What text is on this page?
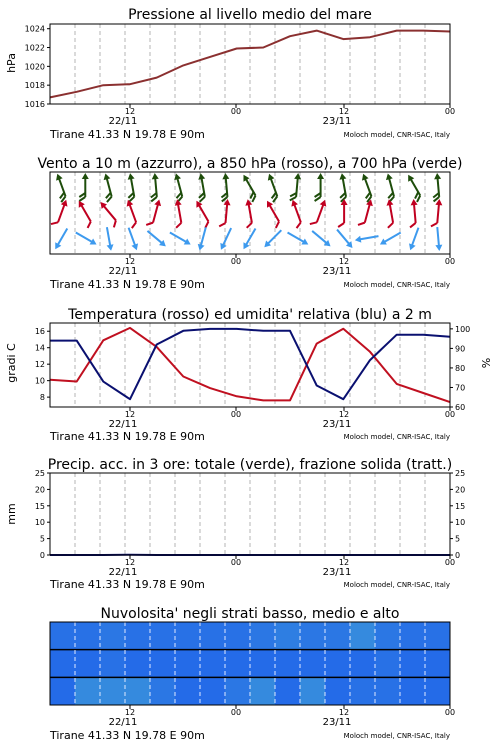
Pressione al livello medio del mare
hPa
1016
1018
1020
1022
1024
12	00	12	00
22/11	23/11
Tirane 41.33 N 19.78 E 90m	Moloch model, CNR-ISAC, Italy
Vento a 10 m (azzurro), a 850 hPa (rosso), a 700 hPa (verde)
12	00	12	00
22/11	23/11
Tirane 41.33 N 19.78 E 90m	Moloch model, CNR-ISAC, Italy
Temperatura (rosso) ed umidita' relativa (blu) a 2 m
gradi C	%
8
10
12
14
16
60
70
80
90
100
12	00	12	00
22/11	23/11
Tirane 41.33 N 19.78 E 90m	Moloch model, CNR-ISAC, Italy
Precip. acc. in 3 ore: totale (verde), frazione solida (tratt.)
mm
0
5
10
15
20
25
0
5
10
15
20
25
12	00	12	00
22/11	23/11
Tirane 41.33 N 19.78 E 90m	Moloch model, CNR-ISAC, Italy
Nuvolosita' negli strati basso, medio e alto
12	00	12	00
22/11	23/11
Tirane 41.33 N 19.78 E 90m	Moloch model, CNR-ISAC, Italy
